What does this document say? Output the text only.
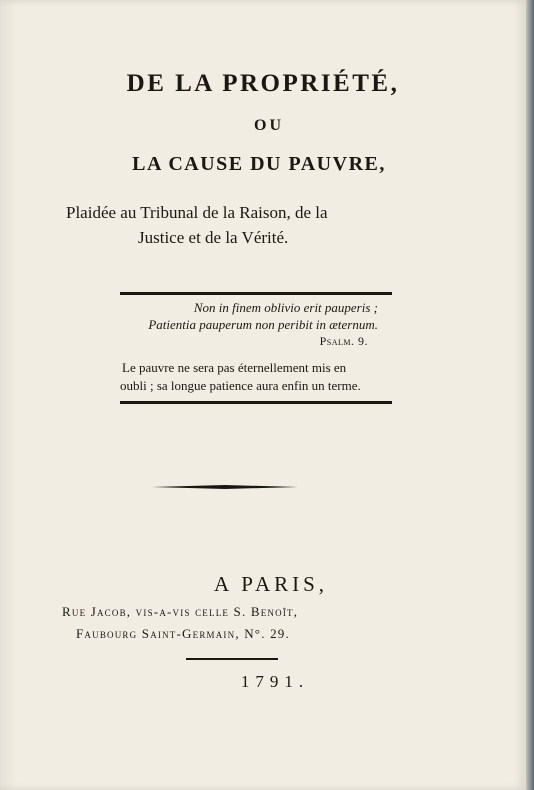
DE LA PROPRIÉTÉ,
OU
LA CAUSE DU PAUVRE,
Plaidée au Tribunal de la Raison, de la
Justice et de la Vérité.
Non in finem oblivio erit pauperis ;
Patientia pauperum non peribit in æternum.
Psalm. 9.
Le pauvre ne sera pas éternellement mis en
oubli ; sa longue patience aura enfin un terme.
A PARIS,
Rue Jacob, vis-a-vis celle S. Benoît,
Faubourg Saint-Germain, N°. 29.
1791.
